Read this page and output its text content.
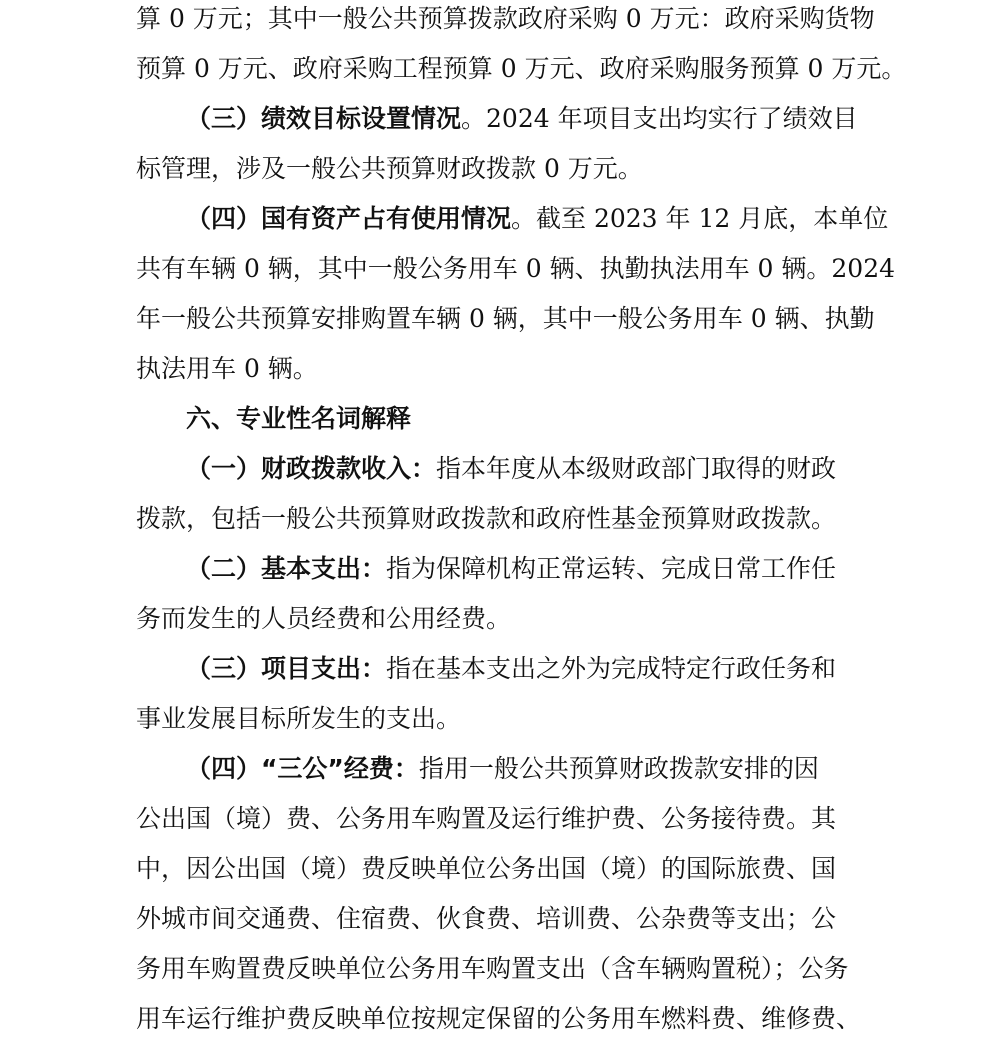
算 0 万元；其中一般公共预算拨款政府采购 0 万元：政府采购货物
预算 0 万元、政府采购工程预算 0 万元、政府采购服务预算 0 万元。
（三）绩效目标设置情况。2024 年项目支出均实行了绩效目
标管理，涉及一般公共预算财政拨款 0 万元。
（四）国有资产占有使用情况。截至 2023 年 12 月底，本单位
共有车辆 0 辆，其中一般公务用车 0 辆、执勤执法用车 0 辆。2024
年一般公共预算安排购置车辆 0 辆，其中一般公务用车 0 辆、执勤
执法用车 0 辆。
六、专业性名词解释
（一）财政拨款收入：指本年度从本级财政部门取得的财政
拨款，包括一般公共预算财政拨款和政府性基金预算财政拨款。
（二）基本支出：指为保障机构正常运转、完成日常工作任
务而发生的人员经费和公用经费。
（三）项目支出：指在基本支出之外为完成特定行政任务和
事业发展目标所发生的支出。
（四）“三公”经费：指用一般公共预算财政拨款安排的因
公出国（境）费、公务用车购置及运行维护费、公务接待费。其
中，因公出国（境）费反映单位公务出国（境）的国际旅费、国
外城市间交通费、住宿费、伙食费、培训费、公杂费等支出；公
务用车购置费反映单位公务用车购置支出（含车辆购置税）；公务
用车运行维护费反映单位按规定保留的公务用车燃料费、维修费、
